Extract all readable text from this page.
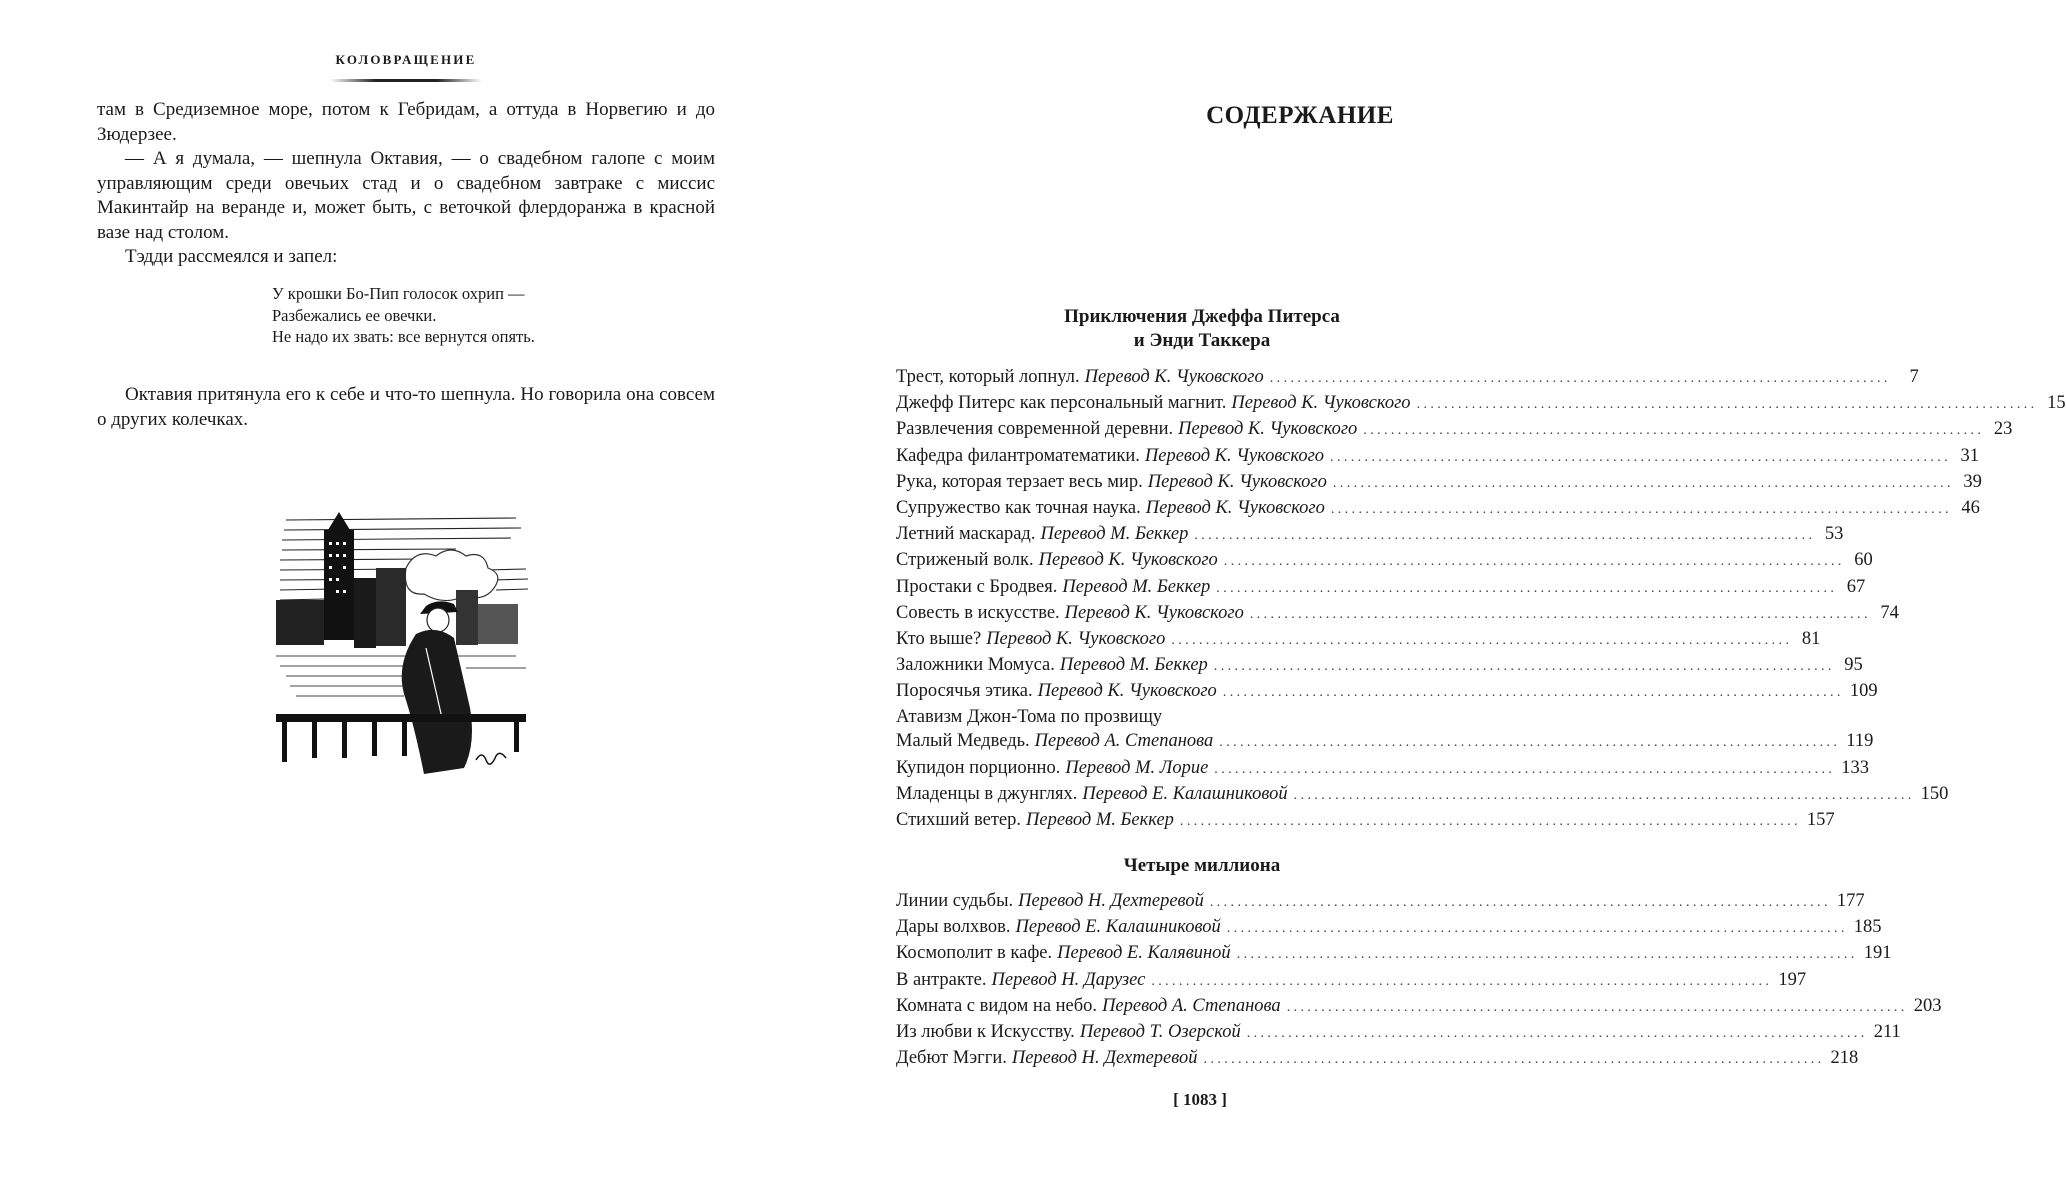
КОЛОВРАЩЕНИЕ

там в Средиземное море, потом к Гебридам, а оттуда в Норвегию и до Зюдерзее.

— А я думала, — шепнула Октавия, — о свадебном галопе с моим управляющим среди овечьих стад и о свадебном завтраке с миссис Макинтайр на веранде и, может быть, с веточкой флердоранжа в красной вазе над столом.

Тэдди рассмеялся и запел:

У крошки Бо-Пип голосок охрип —
Разбежались ее овечки.
Не надо их звать: все вернутся опять.

Октавия притянула его к себе и что-то шепнула. Но говорила она совсем о других колечках.

СОДЕРЖАНИЕ
Приключения Джеффа Питерса
и Энди Таккера
Трест, который лопнул. Перевод К. Чуковского ..........................................................................................	7
Джефф Питерс как персональный магнит. Перевод К. Чуковского .......................................................................................... 15
Развлечения современной деревни. Перевод К. Чуковского .......................................................................................... 23
Кафедра филантроматематики. Перевод К. Чуковского .......................................................................................... 31
Рука, которая терзает весь мир. Перевод К. Чуковского .......................................................................................... 39
Супружество как точная наука. Перевод К. Чуковского .......................................................................................... 46
Летний маскарад. Перевод М. Беккер .......................................................................................... 53
Стриженый волк. Перевод К. Чуковского .......................................................................................... 60
Простаки с Бродвея. Перевод М. Беккер .......................................................................................... 67
Совесть в искусстве. Перевод К. Чуковского .......................................................................................... 74
Кто выше? Перевод К. Чуковского .......................................................................................... 81
Заложники Момуса. Перевод М. Беккер .......................................................................................... 95
Поросячья этика. Перевод К. Чуковского .......................................................................................... 109
Атавизм Джон-Тома по прозвищу
Малый Медведь. Перевод А. Степанова .......................................................................................... 119
Купидон порционно. Перевод М. Лорие .......................................................................................... 133
Младенцы в джунглях. Перевод Е. Калашниковой .......................................................................................... 150
Стихший ветер. Перевод М. Беккер .......................................................................................... 157
Четыре миллиона
Линии судьбы. Перевод Н. Дехтеревой .......................................................................................... 177
Дары волхвов. Перевод Е. Калашниковой .......................................................................................... 185
Космополит в кафе. Перевод Е. Калявиной .......................................................................................... 191
В антракте. Перевод Н. Дарузес .......................................................................................... 197
Комната с видом на небо. Перевод А. Степанова .......................................................................................... 203
Из любви к Искусству. Перевод Т. Озерской .......................................................................................... 211
Дебют Мэгги. Перевод Н. Дехтеревой .......................................................................................... 218
[ 1083 ]
